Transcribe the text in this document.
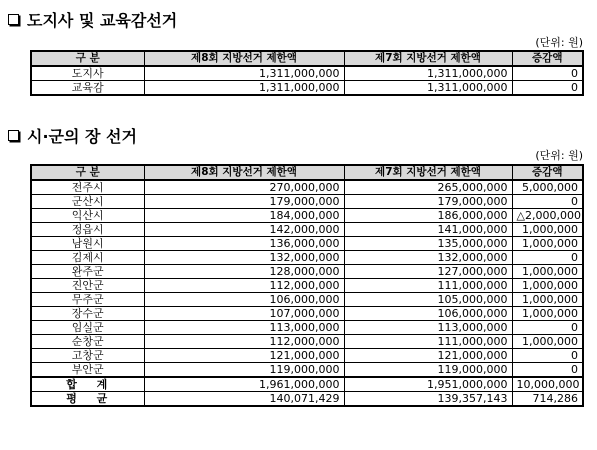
도지사 및 교육감선거
(단위: 원)
구 분	제8회 지방선거 제한액	제7회 지방선거 제한액	증감액
도지사	1,311,000,000	1,311,000,000	0
교육감	1,311,000,000	1,311,000,000	0
시·군의 장 선거
(단위: 원)
구 분	제8회 지방선거 제한액	제7회 지방선거 제한액	증감액
전주시	270,000,000	265,000,000	5,000,000
군산시	179,000,000	179,000,000	0
익산시	184,000,000	186,000,000	△2,000,000
정읍시	142,000,000	141,000,000	1,000,000
남원시	136,000,000	135,000,000	1,000,000
김제시	132,000,000	132,000,000	0
완주군	128,000,000	127,000,000	1,000,000
진안군	112,000,000	111,000,000	1,000,000
무주군	106,000,000	105,000,000	1,000,000
장수군	107,000,000	106,000,000	1,000,000
임실군	113,000,000	113,000,000	0
순창군	112,000,000	111,000,000	1,000,000
고창군	121,000,000	121,000,000	0
부안군	119,000,000	119,000,000	0
합 계	1,961,000,000	1,951,000,000	10,000,000
평 균	140,071,429	139,357,143	714,286
